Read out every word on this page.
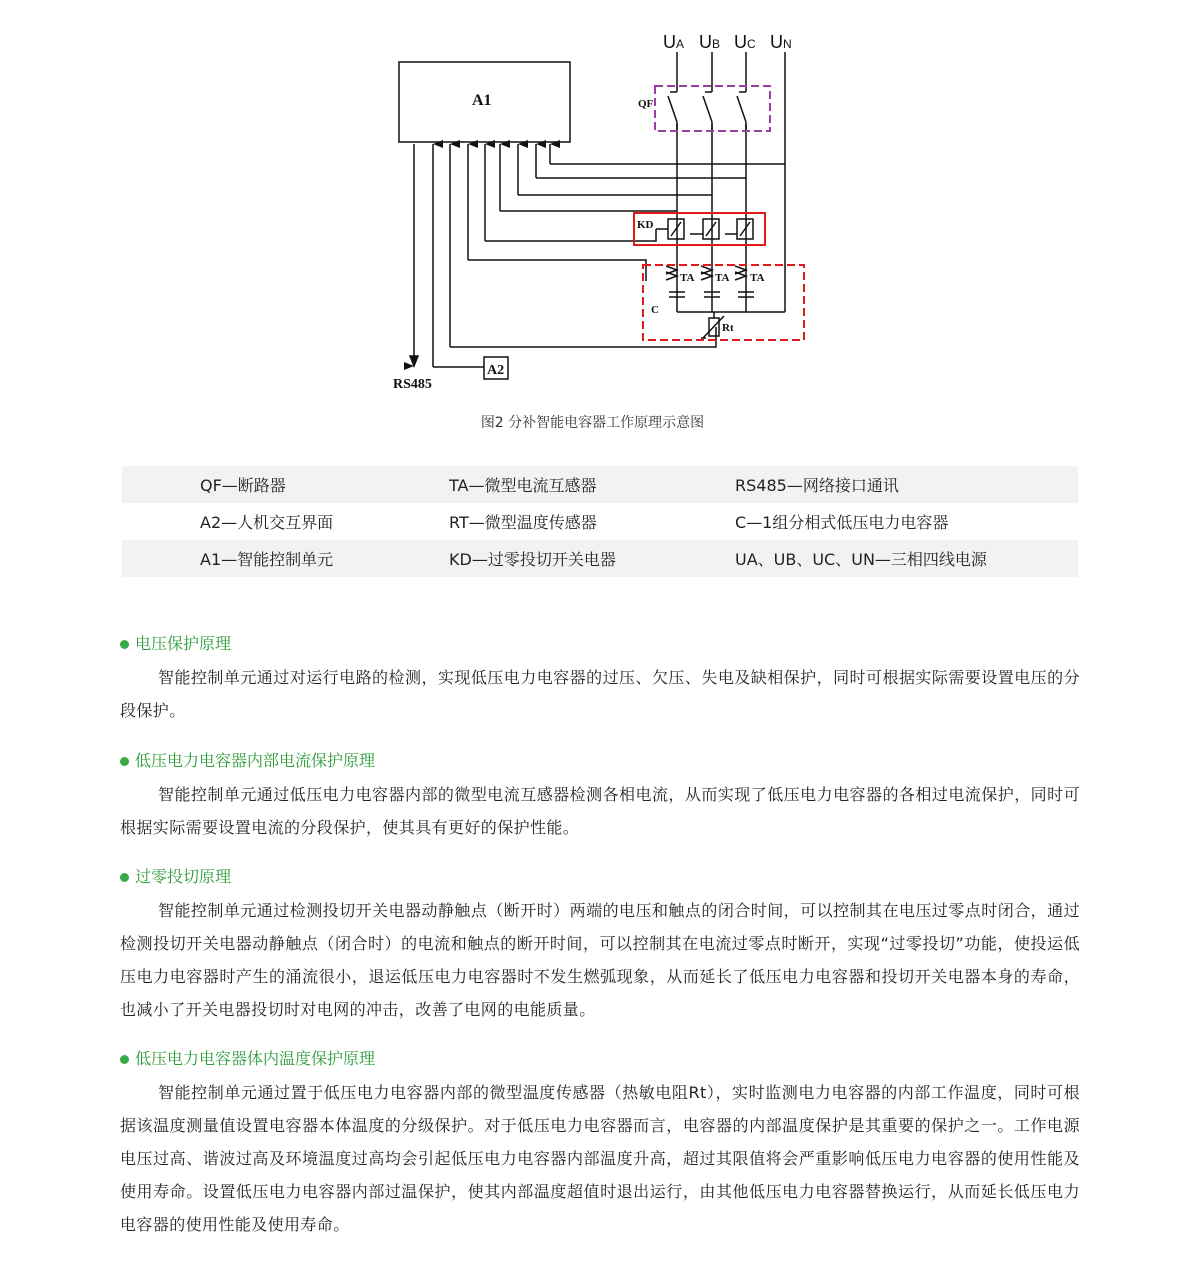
A1
A2
QF
KD
C
Rt
TA TA TA
RS485
UA UB UC UN
图2 分补智能电容器工作原理示意图
QF—断路器	TA—微型电流互感器	RS485—网络接口通讯
A2—人机交互界面	RT—微型温度传感器	C—1组分相式低压电力电容器
A1—智能控制单元	KD—过零投切开关电器	UA、UB、UC、UN—三相四线电源
电压保护原理
智能控制单元通过对运行电路的检测，实现低压电力电容器的过压、欠压、失电及缺相保护，同时可根据实际需要设置电压的分段保护。
低压电力电容器内部电流保护原理
智能控制单元通过低压电力电容器内部的微型电流互感器检测各相电流，从而实现了低压电力电容器的各相过电流保护，同时可根据实际需要设置电流的分段保护，使其具有更好的保护性能。
过零投切原理
智能控制单元通过检测投切开关电器动静触点（断开时）两端的电压和触点的闭合时间，可以控制其在电压过零点时闭合，通过检测投切开关电器动静触点（闭合时）的电流和触点的断开时间，可以控制其在电流过零点时断开，实现“过零投切”功能，使投运低压电力电容器时产生的涌流很小，退运低压电力电容器时不发生燃弧现象，从而延长了低压电力电容器和投切开关电器本身的寿命，也减小了开关电器投切时对电网的冲击，改善了电网的电能质量。
低压电力电容器体内温度保护原理
智能控制单元通过置于低压电力电容器内部的微型温度传感器（热敏电阻Rt），实时监测电力电容器的内部工作温度，同时可根据该温度测量值设置电容器本体温度的分级保护。对于低压电力电容器而言，电容器的内部温度保护是其重要的保护之一。工作电源电压过高、谐波过高及环境温度过高均会引起低压电力电容器内部温度升高，超过其限值将会严重影响低压电力电容器的使用性能及使用寿命。设置低压电力电容器内部过温保护，使其内部温度超值时退出运行，由其他低压电力电容器替换运行，从而延长低压电力电容器的使用性能及使用寿命。
